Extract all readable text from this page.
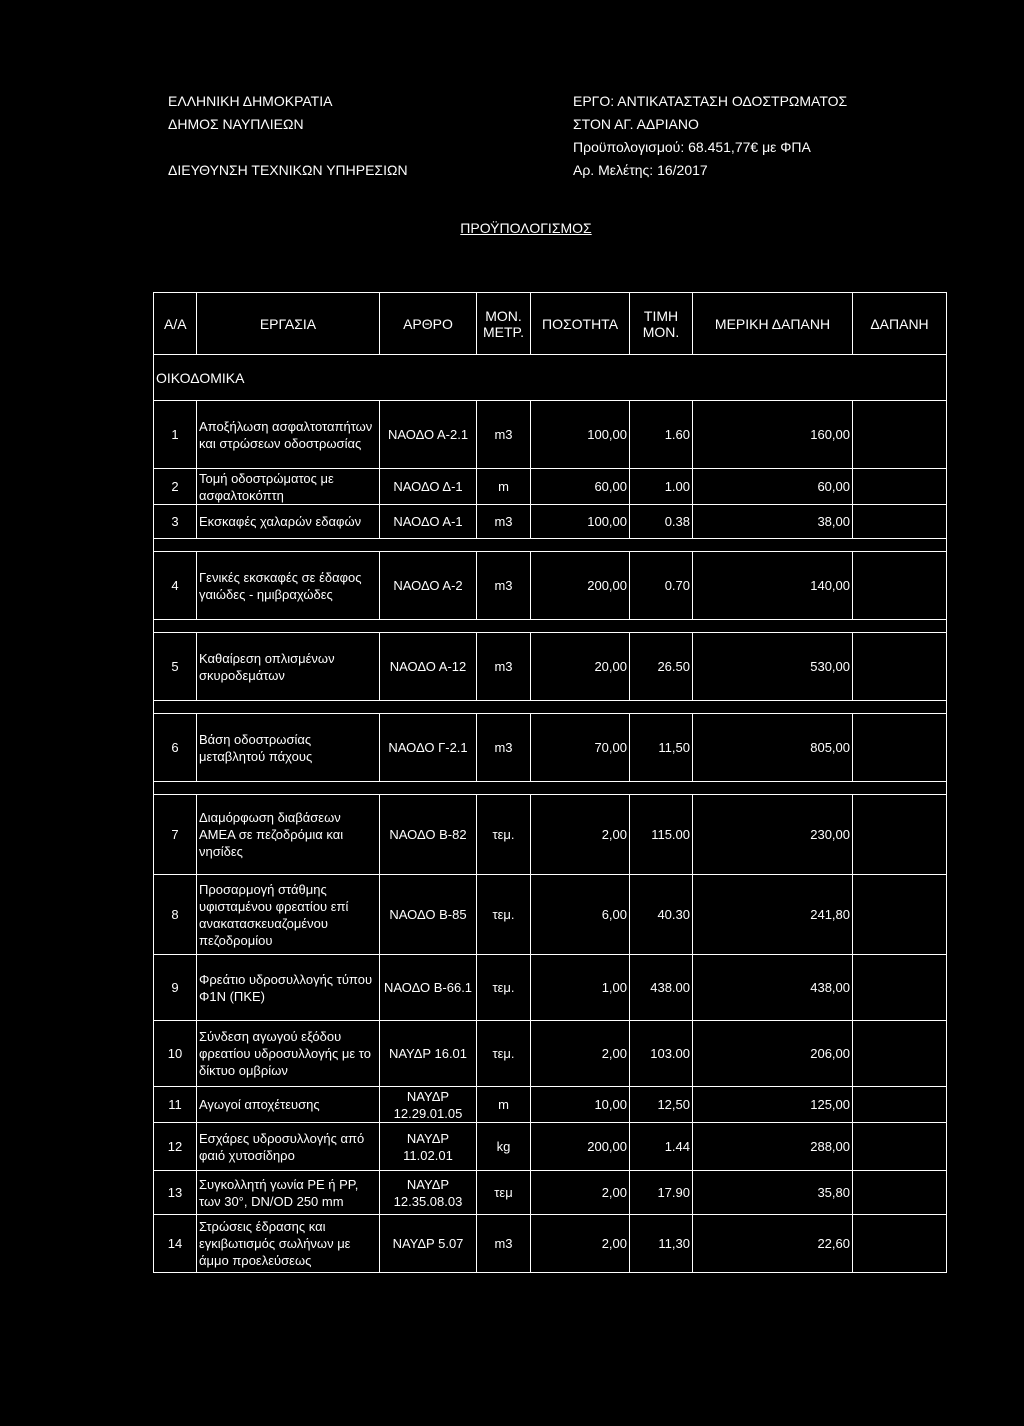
ΕΛΛΗΝΙΚΗ ΔΗΜΟΚΡΑΤΙΑ
ΔΗΜΟΣ ΝΑΥΠΛΙΕΩΝ
ΔΙΕΥΘΥΝΣΗ ΤΕΧΝΙΚΩΝ ΥΠΗΡΕΣΙΩΝ
ΕΡΓΟ: ΑΝΤΙΚΑΤΑΣΤΑΣΗ ΟΔΟΣΤΡΩΜΑΤΟΣ
ΣΤΟΝ ΑΓ. ΑΔΡΙΑΝΟ
Προϋπολογισμού: 68.451,77€ με ΦΠΑ
Αρ. Μελέτης: 16/2017
ΠΡΟΫΠΟΛΟΓΙΣΜΟΣ
Α/Α	ΕΡΓΑΣΙΑ	ΑΡΘΡΟ	ΜΟΝ. ΜΕΤΡ.	ΠΟΣΟΤΗΤΑ	ΤΙΜΗ ΜΟΝ.	ΜΕΡΙΚΗ ΔΑΠΑΝΗ	ΔΑΠΑΝΗ
ΟΙΚΟΔΟΜΙΚΑ							
1	Αποξήλωση ασφαλτοταπήτων και στρώσεων οδοστρωσίας	ΝΑΟΔΟ Α-2.1	m3	100,00	1.60	160,00	
2	Τομή οδοστρώματος με ασφαλτοκόπτη	ΝΑΟΔΟ Δ-1	m	60,00	1.00	60,00	
3	Εκσκαφές χαλαρών εδαφών	ΝΑΟΔΟ Α-1	m3	100,00	0.38	38,00	

4	Γενικές εκσκαφές σε έδαφος γαιώδες - ημιβραχώδες	ΝΑΟΔΟ Α-2	m3	200,00	0.70	140,00	

5	Καθαίρεση οπλισμένων σκυροδεμάτων	ΝΑΟΔΟ Α-12	m3	20,00	26.50	530,00	

6	Βάση οδοστρωσίας μεταβλητού πάχους	ΝΑΟΔΟ Γ-2.1	m3	70,00	11,50	805,00	

7	Διαμόρφωση διαβάσεων ΑΜΕΑ σε πεζοδρόμια και νησίδες	ΝΑΟΔΟ Β-82	τεμ.	2,00	115.00	230,00	
8	Προσαρμογή στάθμης υφισταμένου φρεατίου επί ανακατασκευαζομένου πεζοδρομίου	ΝΑΟΔΟ Β-85	τεμ.	6,00	40.30	241,80	
9	Φρεάτιο υδροσυλλογής τύπου Φ1Ν (ΠΚΕ)	ΝΑΟΔΟ Β-66.1	τεμ.	1,00	438.00	438,00	
10	Σύνδεση αγωγού εξόδου φρεατίου υδροσυλλογής με το δίκτυο ομβρίων	ΝΑΥΔΡ 16.01	τεμ.	2,00	103.00	206,00	
11	Αγωγοί αποχέτευσης	ΝΑΥΔΡ 12.29.01.05	m	10,00	12,50	125,00	
12	Εσχάρες υδροσυλλογής από φαιό χυτοσίδηρο	ΝΑΥΔΡ 11.02.01	kg	200,00	1.44	288,00	
13	Συγκολλητή γωνία PE ή PP, των 30°, DN/OD 250 mm	ΝΑΥΔΡ 12.35.08.03	τεμ	2,00	17.90	35,80	
14	Στρώσεις έδρασης και εγκιβωτισμός σωλήνων με άμμο προελεύσεως	ΝΑΥΔΡ 5.07	m3	2,00	11,30	22,60	
